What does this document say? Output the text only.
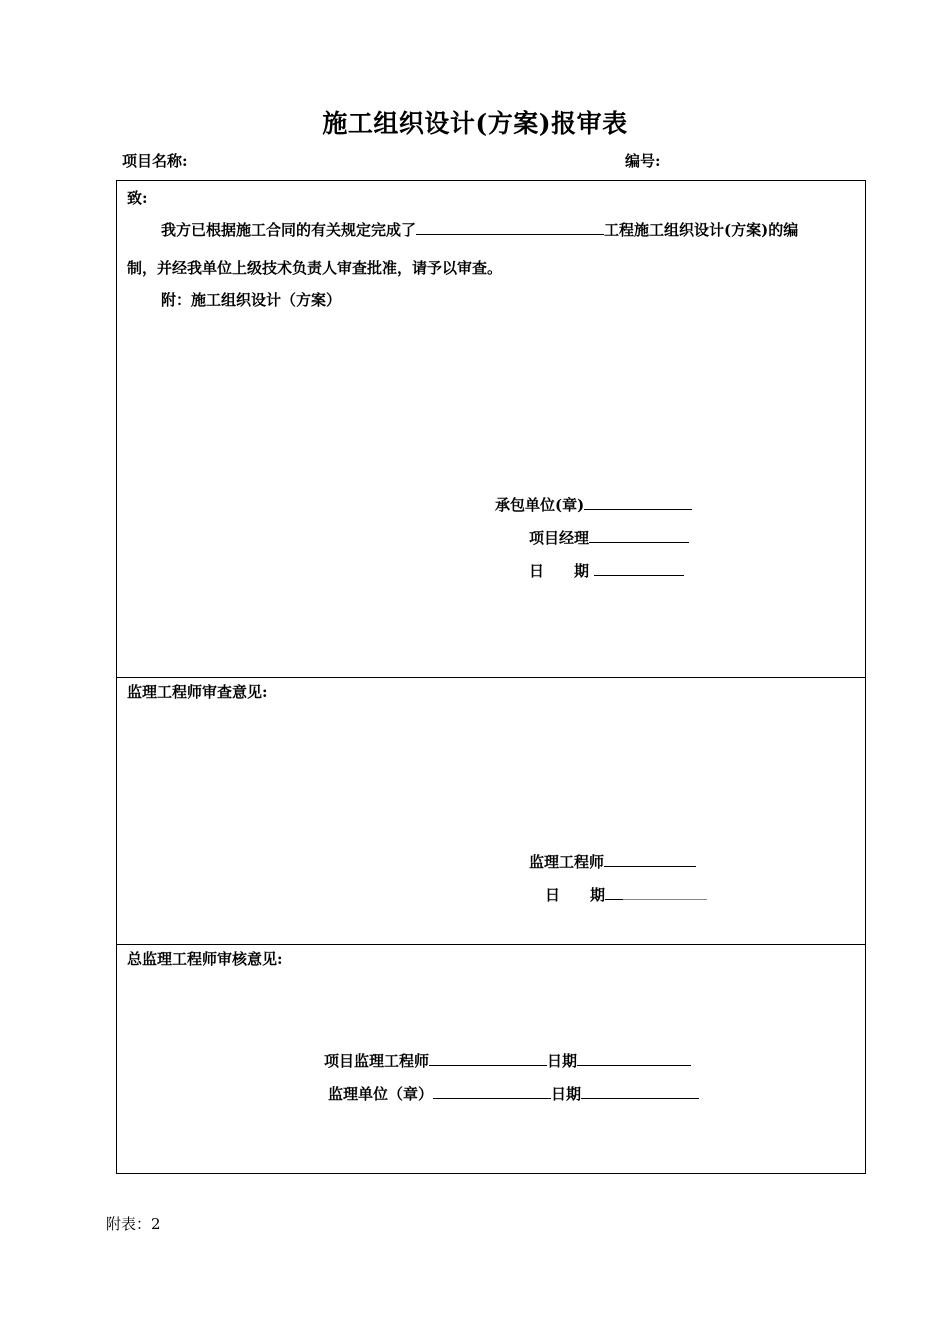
施工组织设计(方案)报审表
项目名称:	编号:
致:
我方已根据施工合同的有关规定完成了	工程施工组织设计(方案)的编
制，并经我单位上级技术负责人审查批准，请予以审查。
附：施工组织设计（方案）
承包单位(章)
项目经理
日　　期
监理工程师审查意见:
监理工程师
日　　期
总监理工程师审核意见:
项目监理工程师	日期
监理单位（章）	日期
附表：2
